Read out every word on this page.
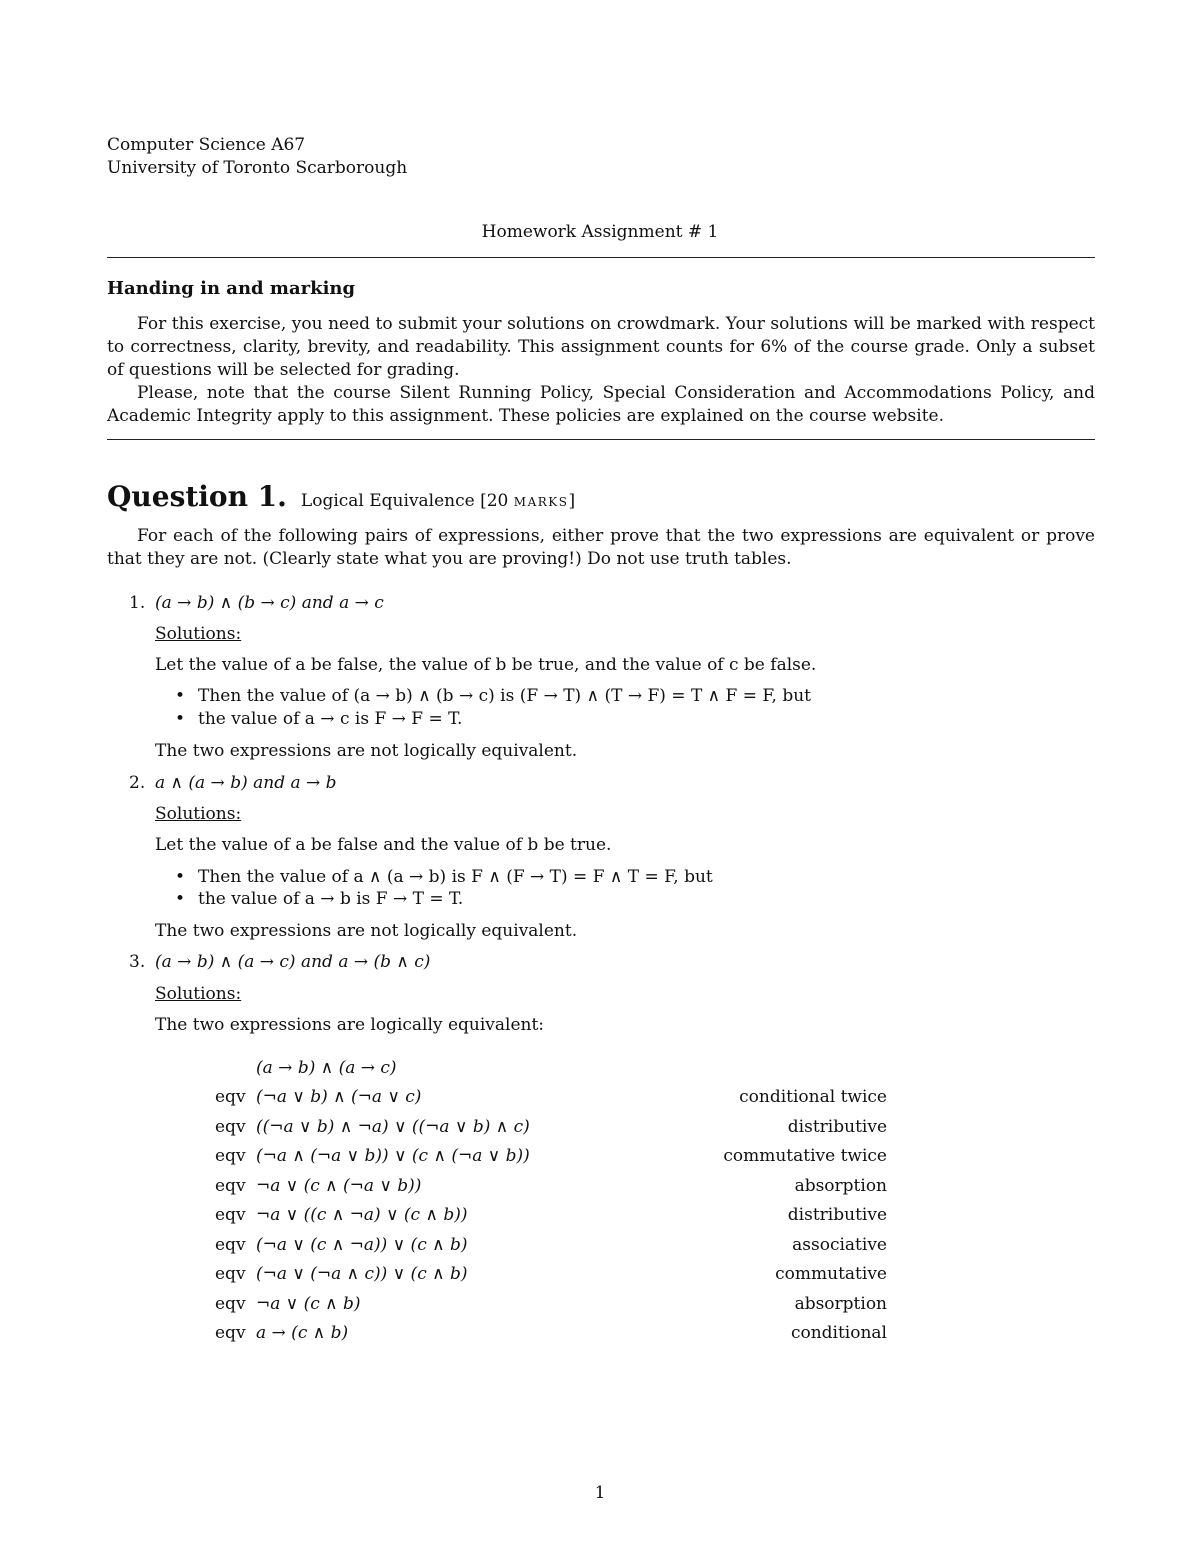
Computer Science A67
University of Toronto Scarborough
Homework Assignment # 1
Handing in and marking

For this exercise, you need to submit your solutions on crowdmark. Your solutions will be marked with respect to correctness, clarity, brevity, and readability. This assignment counts for 6% of the course grade. Only a subset of questions will be selected for grading.

Please, note that the course Silent Running Policy, Special Consideration and Accommodations Policy, and Academic Integrity apply to this assignment. These policies are explained on the course website.

Question 1. Logical Equivalence [20 MARKS]

For each of the following pairs of expressions, either prove that the two expressions are equivalent or prove that they are not. (Clearly state what you are proving!) Do not use truth tables.

1. (a → b) ∧ (b → c) and a → c
Solutions:
Let the value of a be false, the value of b be true, and the value of c be false.
• Then the value of (a → b) ∧ (b → c) is (F → T) ∧ (T → F) = T ∧ F = F, but
• the value of a → c is F → F = T.
The two expressions are not logically equivalent.
2. a ∧ (a → b) and a → b
Solutions:
Let the value of a be false and the value of b be true.
• Then the value of a ∧ (a → b) is F ∧ (F → T) = F ∧ T = F, but
• the value of a → b is F → T = T.
The two expressions are not logically equivalent.
3. (a → b) ∧ (a → c) and a → (b ∧ c)
Solutions:
The two expressions are logically equivalent:
(a → b) ∧ (a → c)
eqv (¬a ∨ b) ∧ (¬a ∨ c)	conditional twice
eqv ((¬a ∨ b) ∧ ¬a) ∨ ((¬a ∨ b) ∧ c)	distributive
eqv (¬a ∧ (¬a ∨ b)) ∨ (c ∧ (¬a ∨ b))	commutative twice
eqv ¬a ∨ (c ∧ (¬a ∨ b))	absorption
eqv ¬a ∨ ((c ∧ ¬a) ∨ (c ∧ b))	distributive
eqv (¬a ∨ (c ∧ ¬a)) ∨ (c ∧ b)	associative
eqv (¬a ∨ (¬a ∧ c)) ∨ (c ∧ b)	commutative
eqv ¬a ∨ (c ∧ b)	absorption
eqv a → (c ∧ b)	conditional
1
